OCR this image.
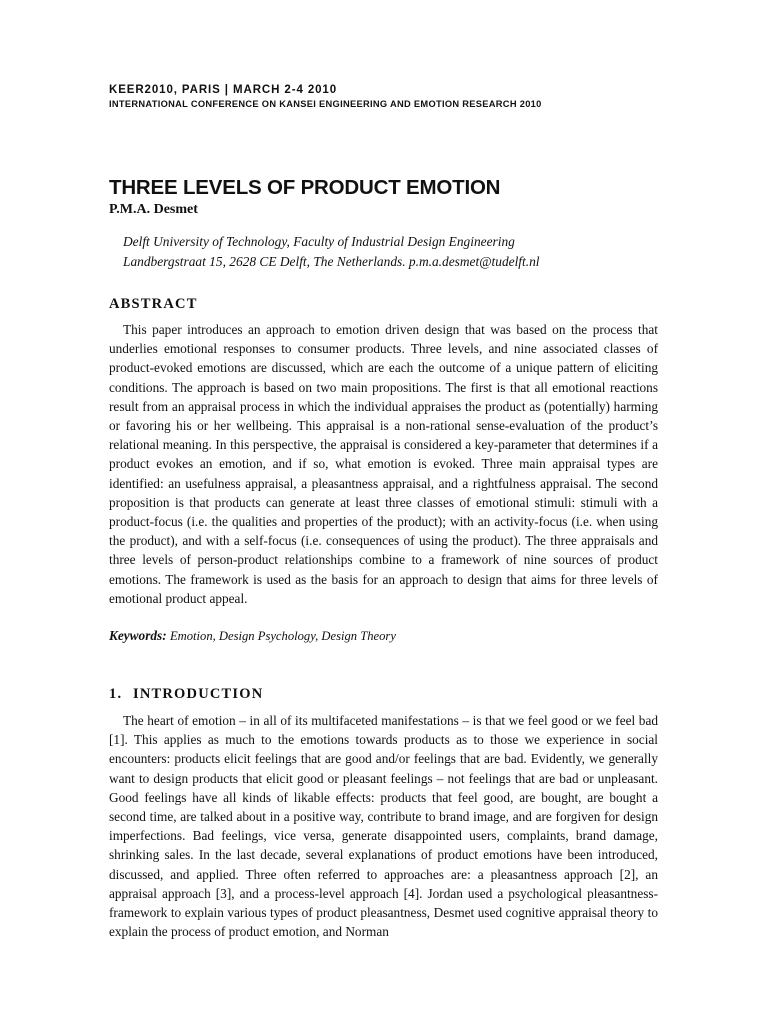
KEER2010, PARIS | MARCH 2-4 2010
INTERNATIONAL CONFERENCE ON KANSEI ENGINEERING AND EMOTION RESEARCH 2010
THREE LEVELS OF PRODUCT EMOTION
P.M.A. Desmet
Delft University of Technology, Faculty of Industrial Design Engineering
Landbergstraat 15, 2628 CE Delft, The Netherlands. p.m.a.desmet@tudelft.nl
ABSTRACT

This paper introduces an approach to emotion driven design that was based on the process that underlies emotional responses to consumer products. Three levels, and nine associated classes of product-evoked emotions are discussed, which are each the outcome of a unique pattern of eliciting conditions. The approach is based on two main propositions. The first is that all emotional reactions result from an appraisal process in which the individual appraises the product as (potentially) harming or favoring his or her wellbeing. This appraisal is a non-rational sense-evaluation of the product’s relational meaning. In this perspective, the appraisal is considered a key-parameter that determines if a product evokes an emotion, and if so, what emotion is evoked. Three main appraisal types are identified: an usefulness appraisal, a pleasantness appraisal, and a rightfulness appraisal. The second proposition is that products can generate at least three classes of emotional stimuli: stimuli with a product-focus (i.e. the qualities and properties of the product); with an activity-focus (i.e. when using the product), and with a self-focus (i.e. consequences of using the product). The three appraisals and three levels of person-product relationships combine to a framework of nine sources of product emotions. The framework is used as the basis for an approach to design that aims for three levels of emotional product appeal.

Keywords: Emotion, Design Psychology, Design Theory
1. INTRODUCTION

The heart of emotion – in all of its multifaceted manifestations – is that we feel good or we feel bad [1]. This applies as much to the emotions towards products as to those we experience in social encounters: products elicit feelings that are good and/or feelings that are bad. Evidently, we generally want to design products that elicit good or pleasant feelings – not feelings that are bad or unpleasant. Good feelings have all kinds of likable effects: products that feel good, are bought, are bought a second time, are talked about in a positive way, contribute to brand image, and are forgiven for design imperfections. Bad feelings, vice versa, generate disappointed users, complaints, brand damage, shrinking sales. In the last decade, several explanations of product emotions have been introduced, discussed, and applied. Three often referred to approaches are: a pleasantness approach [2], an appraisal approach [3], and a process-level approach [4]. Jordan used a psychological pleasantness-framework to explain various types of product pleasantness, Desmet used cognitive appraisal theory to explain the process of product emotion, and Norman
